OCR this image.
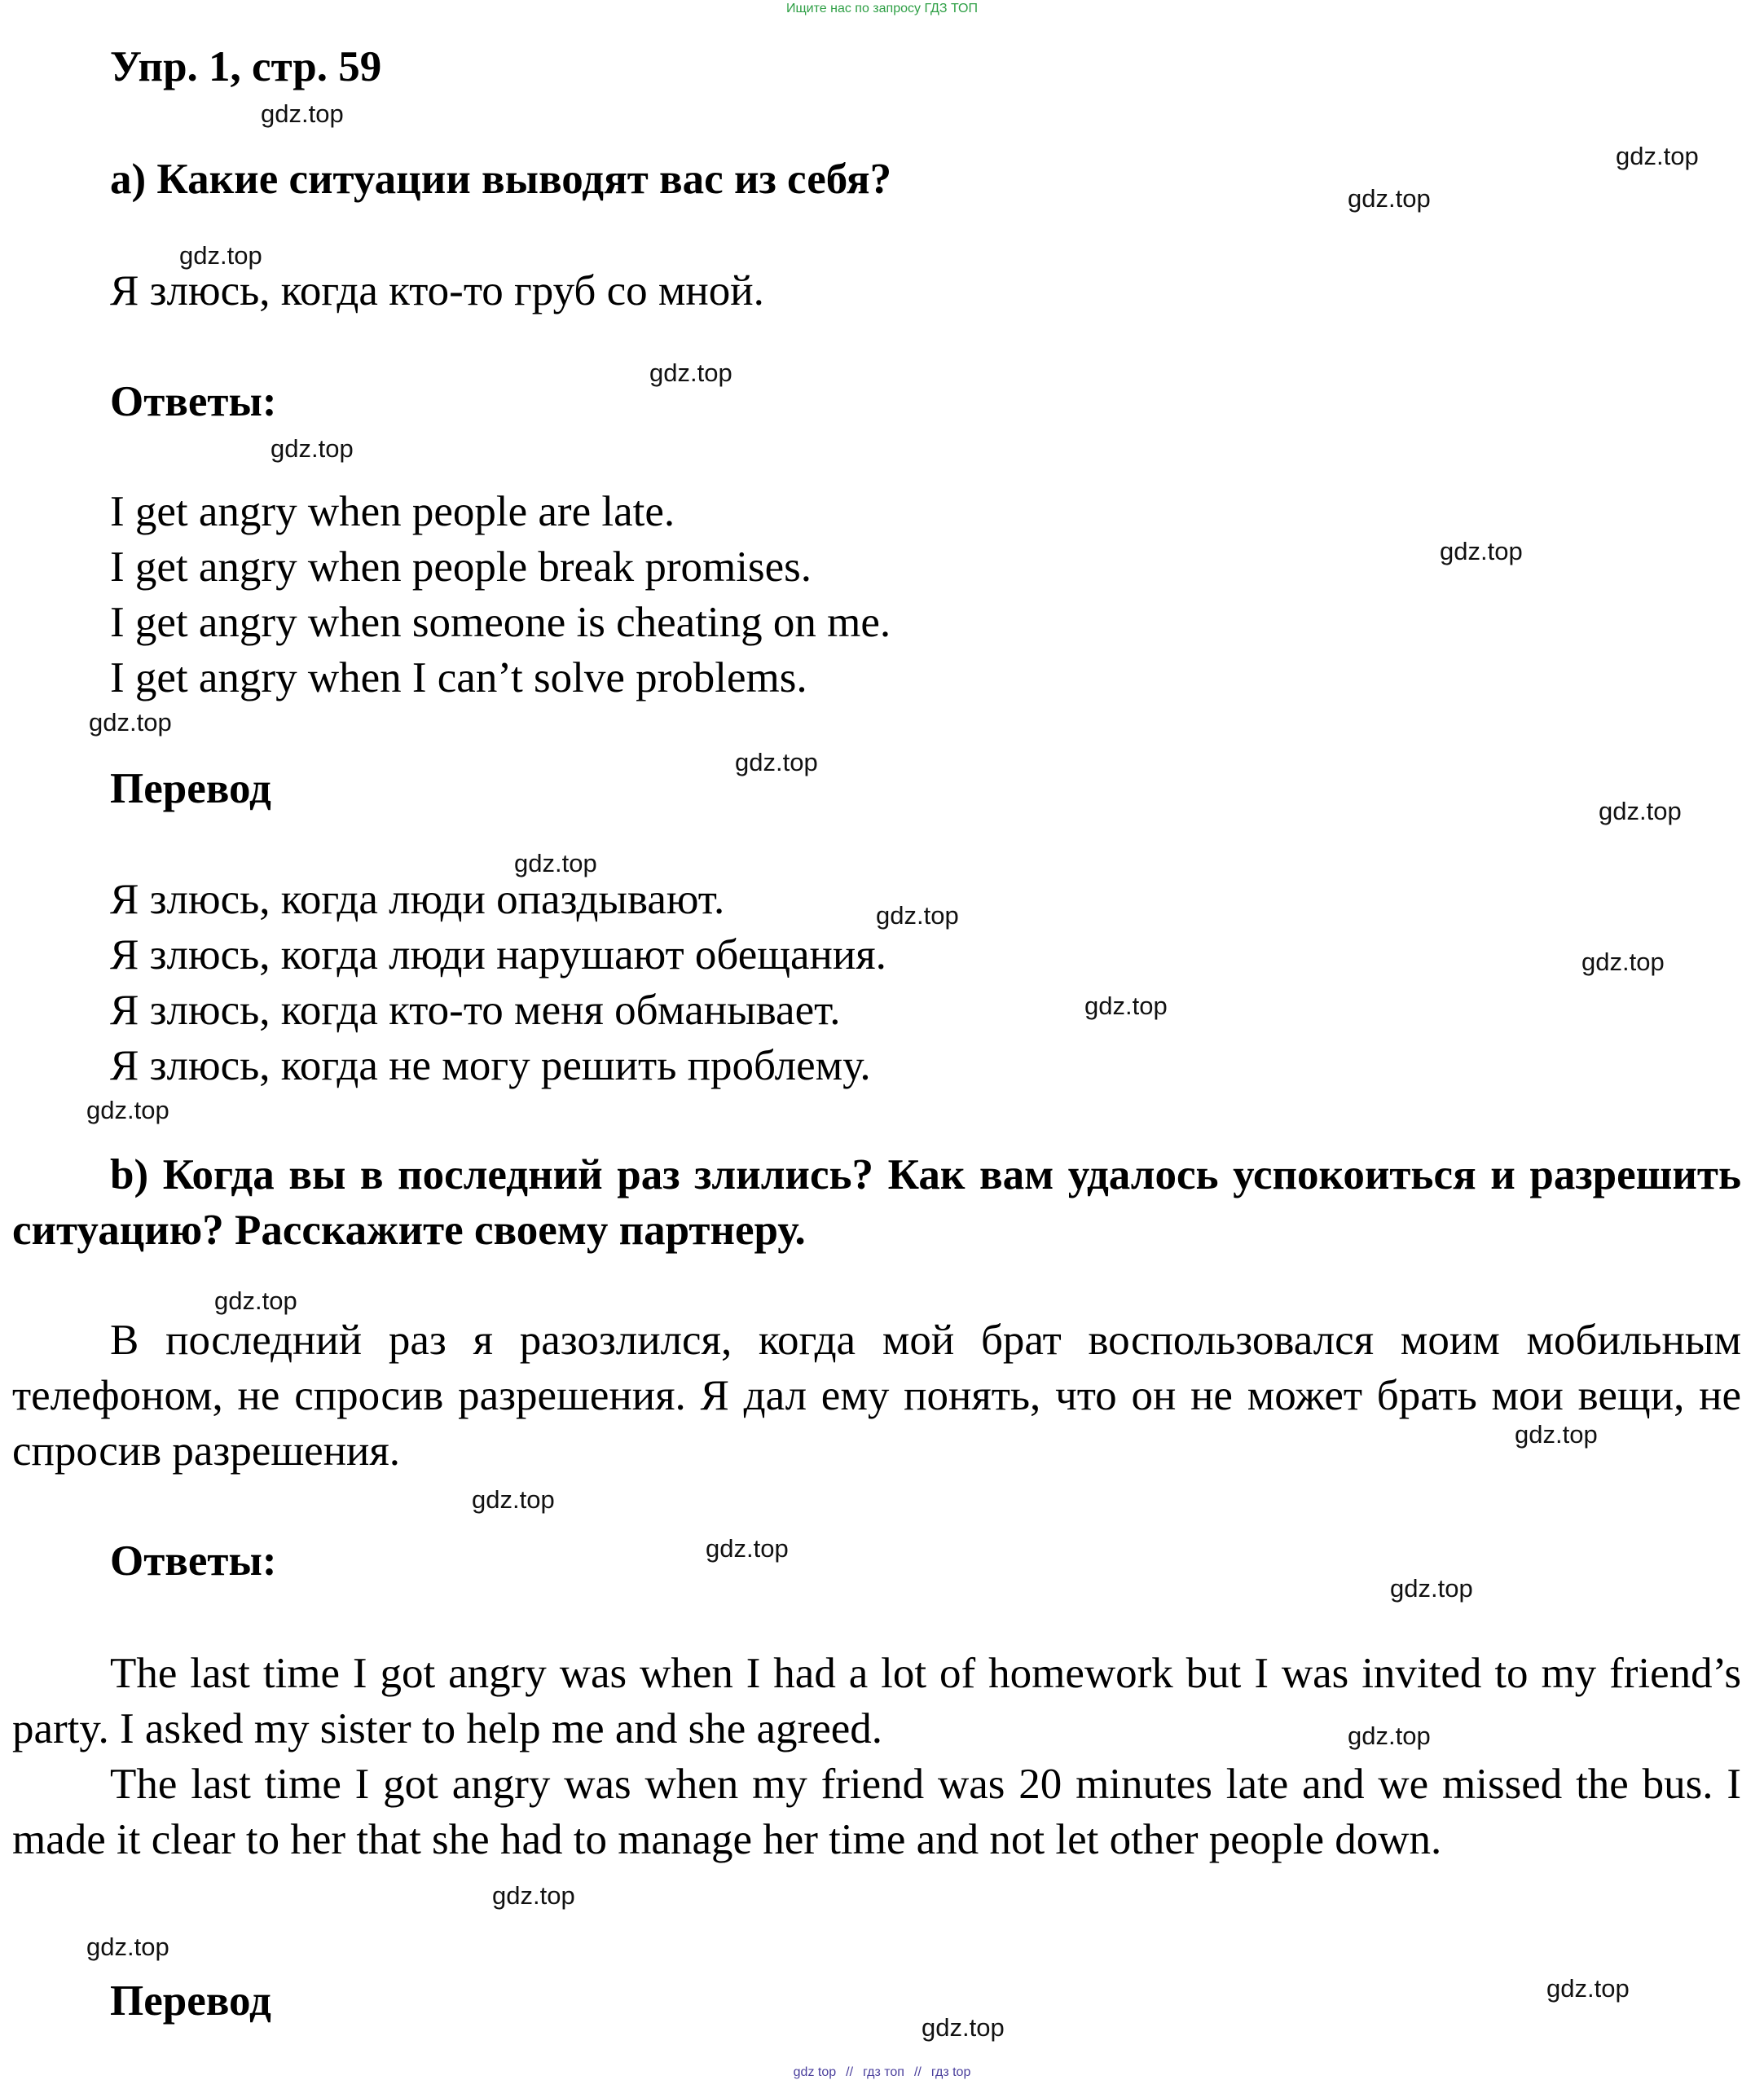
Ищите нас по запросу ГДЗ ТОП
Упр. 1, стр. 59
a) Какие ситуации выводят вас из себя?
Я злюсь, когда кто-то груб со мной.
Ответы:
I get angry when people are late.
I get angry when people break promises.
I get angry when someone is cheating on me.
I get angry when I can’t solve problems.
Перевод
Я злюсь, когда люди опаздывают.
Я злюсь, когда люди нарушают обещания.
Я злюсь, когда кто-то меня обманывает.
Я злюсь, когда не могу решить проблему.
b) Когда вы в последний раз злились? Как вам удалось успокоиться и разрешить ситуацию? Расскажите своему партнеру.
В последний раз я разозлился, когда мой брат воспользовался моим мобильным телефоном, не спросив разрешения. Я дал ему понять, что он не может брать мои вещи, не спросив разрешения.
Ответы:
The last time I got angry was when I had a lot of homework but I was invited to my friend’s party. I asked my sister to help me and she agreed.
The last time I got angry was when my friend was 20 minutes late and we missed the bus. I made it clear to her that she had to manage her time and not let other people down.
Перевод
gdz.top
gdz.top
gdz.top
gdz.top
gdz.top
gdz.top
gdz.top
gdz.top
gdz.top
gdz.top
gdz.top
gdz.top
gdz.top
gdz.top
gdz.top
gdz.top
gdz.top
gdz.top
gdz.top
gdz.top
gdz.top
gdz.top
gdz.top
gdz.top
gdz.top
gdz top // гдз топ // гдз top
